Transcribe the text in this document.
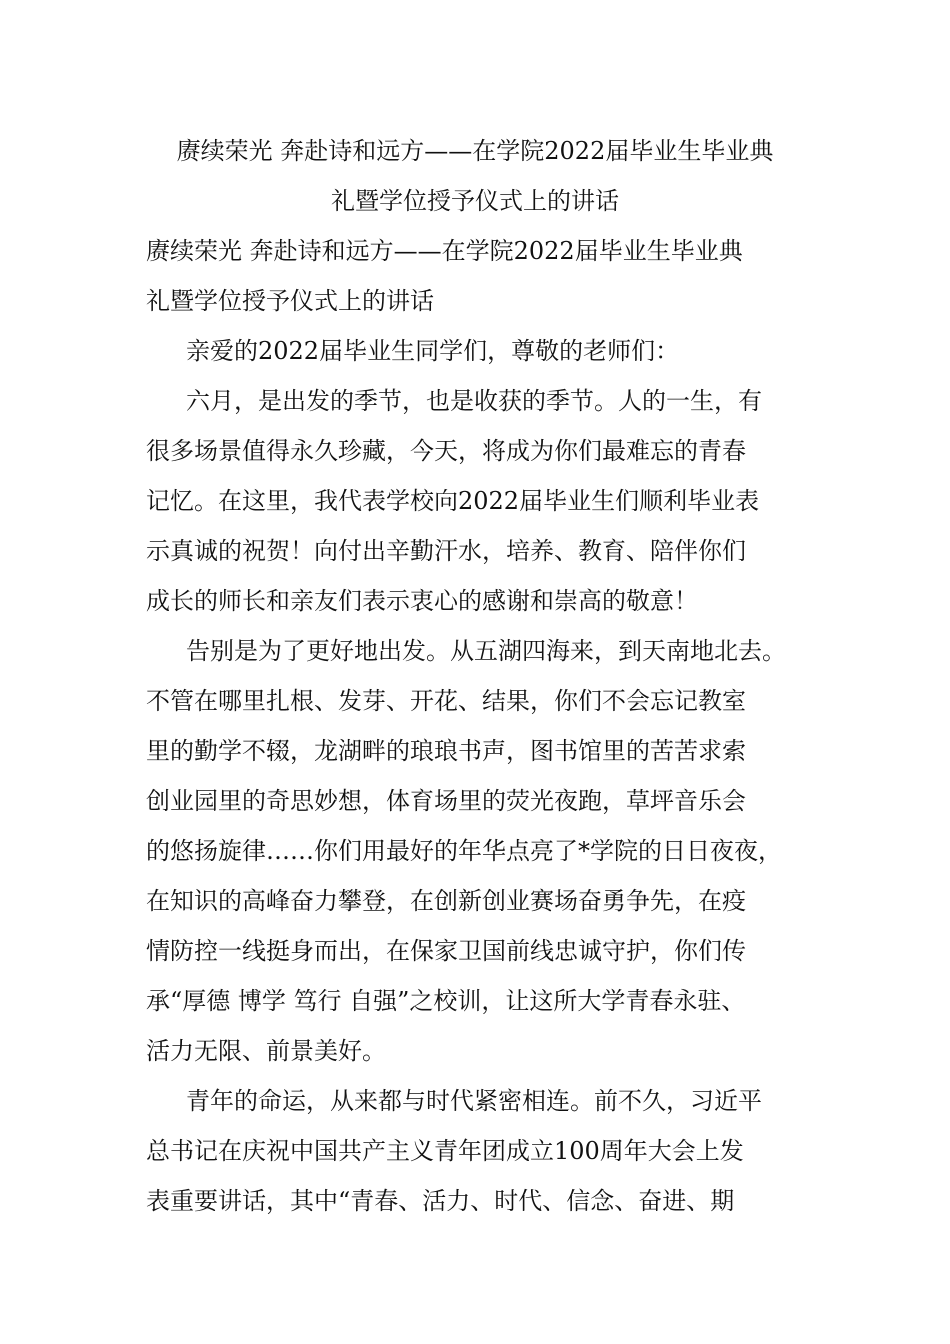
赓续荣光 奔赴诗和远方——在学院2022届毕业生毕业典
礼暨学位授予仪式上的讲话
赓续荣光 奔赴诗和远方——在学院2022届毕业生毕业典
礼暨学位授予仪式上的讲话
亲爱的2022届毕业生同学们，尊敬的老师们：
六月，是出发的季节，也是收获的季节。人的一生，有
很多场景值得永久珍藏，今天，将成为你们最难忘的青春
记忆。在这里，我代表学校向2022届毕业生们顺利毕业表
示真诚的祝贺！向付出辛勤汗水，培养、教育、陪伴你们
成长的师长和亲友们表示衷心的感谢和崇高的敬意！
告别是为了更好地出发。从五湖四海来，到天南地北去。
不管在哪里扎根、发芽、开花、结果，你们不会忘记教室
里的勤学不辍，龙湖畔的琅琅书声，图书馆里的苦苦求索
创业园里的奇思妙想，体育场里的荧光夜跑，草坪音乐会
的悠扬旋律……你们用最好的年华点亮了*学院的日日夜夜，
在知识的高峰奋力攀登，在创新创业赛场奋勇争先，在疫
情防控一线挺身而出，在保家卫国前线忠诚守护，你们传
承“厚德 博学 笃行 自强”之校训，让这所大学青春永驻、
活力无限、前景美好。
青年的命运，从来都与时代紧密相连。前不久，习近平
总书记在庆祝中国共产主义青年团成立100周年大会上发
表重要讲话，其中“青春、活力、时代、信念、奋进、期
